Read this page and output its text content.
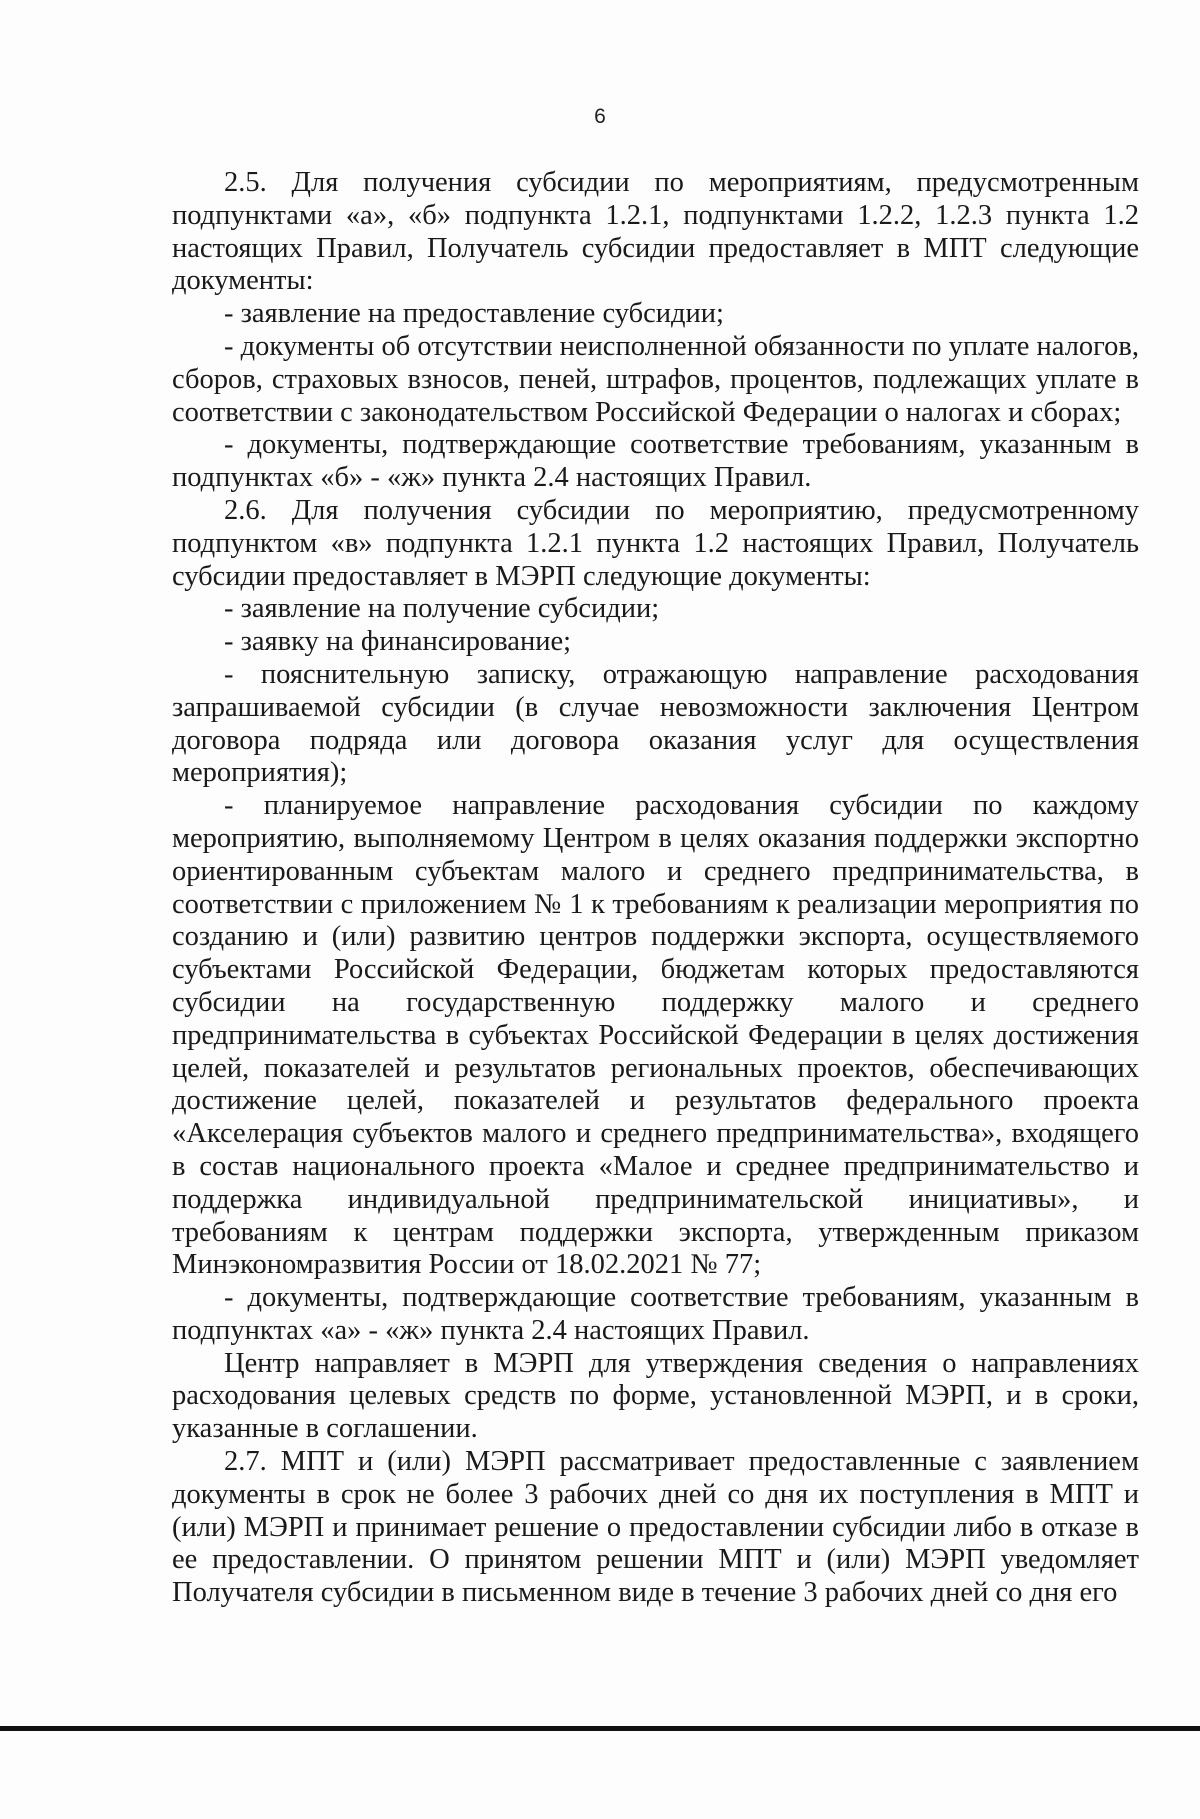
6

2.5. Для получения субсидии по мероприятиям, предусмотренным подпунктами «а», «б» подпункта 1.2.1, подпунктами 1.2.2, 1.2.3 пункта 1.2 настоящих Правил, Получатель субсидии предоставляет в МПТ следующие документы:

- заявление на предоставление субсидии;

- документы об отсутствии неисполненной обязанности по уплате налогов, сборов, страховых взносов, пеней, штрафов, процентов, подлежащих уплате в соответствии с законодательством Российской Федерации о налогах и сборах;

- документы, подтверждающие соответствие требованиям, указанным в подпунктах «б» - «ж» пункта 2.4 настоящих Правил.

2.6. Для получения субсидии по мероприятию, предусмотренному подпунктом «в» подпункта 1.2.1 пункта 1.2 настоящих Правил, Получатель субсидии предоставляет в МЭРП следующие документы:

- заявление на получение субсидии;

- заявку на финансирование;

- пояснительную записку, отражающую направление расходования запрашиваемой субсидии (в случае невозможности заключения Центром договора подряда или договора оказания услуг для осуществления мероприятия);

- планируемое направление расходования субсидии по каждому мероприятию, выполняемому Центром в целях оказания поддержки экспортно ориентированным субъектам малого и среднего предпринимательства, в соответствии с приложением № 1 к требованиям к реализации мероприятия по созданию и (или) развитию центров поддержки экспорта, осуществляемого субъектами Российской Федерации, бюджетам которых предоставляются субсидии на государственную поддержку малого и среднего предпринимательства в субъектах Российской Федерации в целях достижения целей, показателей и результатов региональных проектов, обеспечивающих достижение целей, показателей и результатов федерального проекта «Акселерация субъектов малого и среднего предпринимательства», входящего в состав национального проекта «Малое и среднее предпринимательство и поддержка индивидуальной предпринимательской инициативы», и требованиям к центрам поддержки экспорта, утвержденным приказом Минэкономразвития России от 18.02.2021 № 77;

- документы, подтверждающие соответствие требованиям, указанным в подпунктах «а» - «ж» пункта 2.4 настоящих Правил.

Центр направляет в МЭРП для утверждения сведения о направлениях расходования целевых средств по форме, установленной МЭРП, и в сроки, указанные в соглашении.

2.7. МПТ и (или) МЭРП рассматривает предоставленные с заявлением документы в срок не более 3 рабочих дней со дня их поступления в МПТ и (или) МЭРП и принимает решение о предоставлении субсидии либо в отказе в ее предоставлении. О принятом решении МПТ и (или) МЭРП уведомляет Получателя субсидии в письменном виде в течение 3 рабочих дней со дня его
